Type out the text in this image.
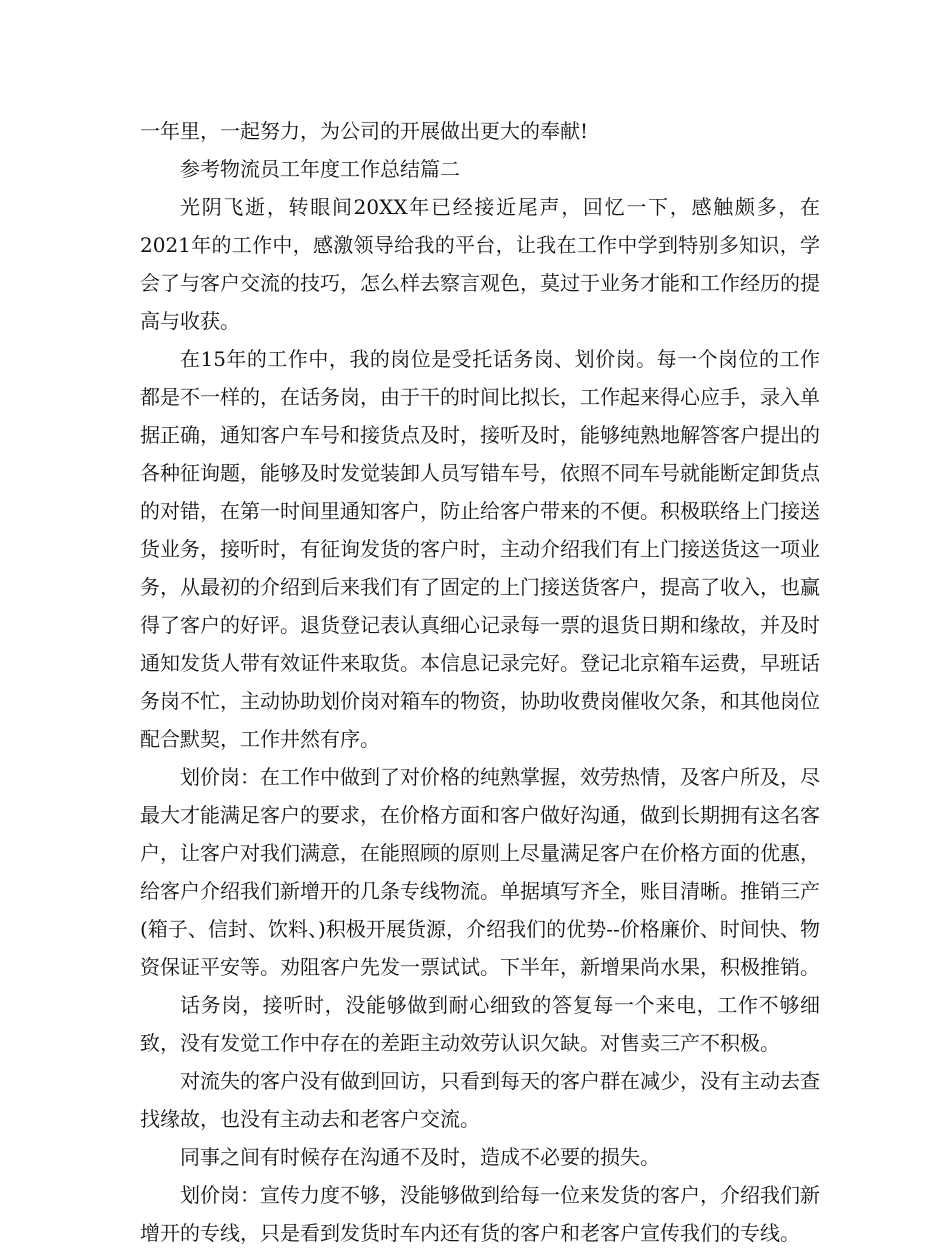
一年里，一起努力，为公司的开展做出更大的奉献!

参考物流员工年度工作总结篇二

光阴飞逝，转眼间20XX年已经接近尾声，回忆一下，感触颇多，在2021年的工作中，感激领导给我的平台，让我在工作中学到特别多知识，学会了与客户交流的技巧，怎么样去察言观色，莫过于业务才能和工作经历的提高与收获。

在15年的工作中，我的岗位是受托话务岗、划价岗。每一个岗位的工作都是不一样的，在话务岗，由于干的时间比拟长，工作起来得心应手，录入单据正确，通知客户车号和接货点及时，接听及时，能够纯熟地解答客户提出的各种征询题，能够及时发觉装卸人员写错车号，依照不同车号就能断定卸货点的对错，在第一时间里通知客户，防止给客户带来的不便。积极联络上门接送货业务，接听时，有征询发货的客户时，主动介绍我们有上门接送货这一项业务，从最初的介绍到后来我们有了固定的上门接送货客户，提高了收入，也赢得了客户的好评。退货登记表认真细心记录每一票的退货日期和缘故，并及时通知发货人带有效证件来取货。本信息记录完好。登记北京箱车运费，早班话务岗不忙，主动协助划价岗对箱车的物资，协助收费岗催收欠条，和其他岗位配合默契，工作井然有序。

划价岗：在工作中做到了对价格的纯熟掌握，效劳热情，及客户所及，尽最大才能满足客户的要求，在价格方面和客户做好沟通，做到长期拥有这名客户，让客户对我们满意，在能照顾的原则上尽量满足客户在价格方面的优惠，给客户介绍我们新增开的几条专线物流。单据填写齐全，账目清晰。推销三产(箱子、信封、饮料、)积极开展货源，介绍我们的优势--价格廉价、时间快、物资保证平安等。劝阻客户先发一票试试。下半年，新增果尚水果，积极推销。

话务岗，接听时，没能够做到耐心细致的答复每一个来电，工作不够细致，没有发觉工作中存在的差距主动效劳认识欠缺。对售卖三产不积极。

对流失的客户没有做到回访，只看到每天的客户群在减少，没有主动去查找缘故，也没有主动去和老客户交流。

同事之间有时候存在沟通不及时，造成不必要的损失。

划价岗：宣传力度不够，没能够做到给每一位来发货的客户，介绍我们新增开的专线，只是看到发货时车内还有货的客户和老客户宣传我们的专线。
